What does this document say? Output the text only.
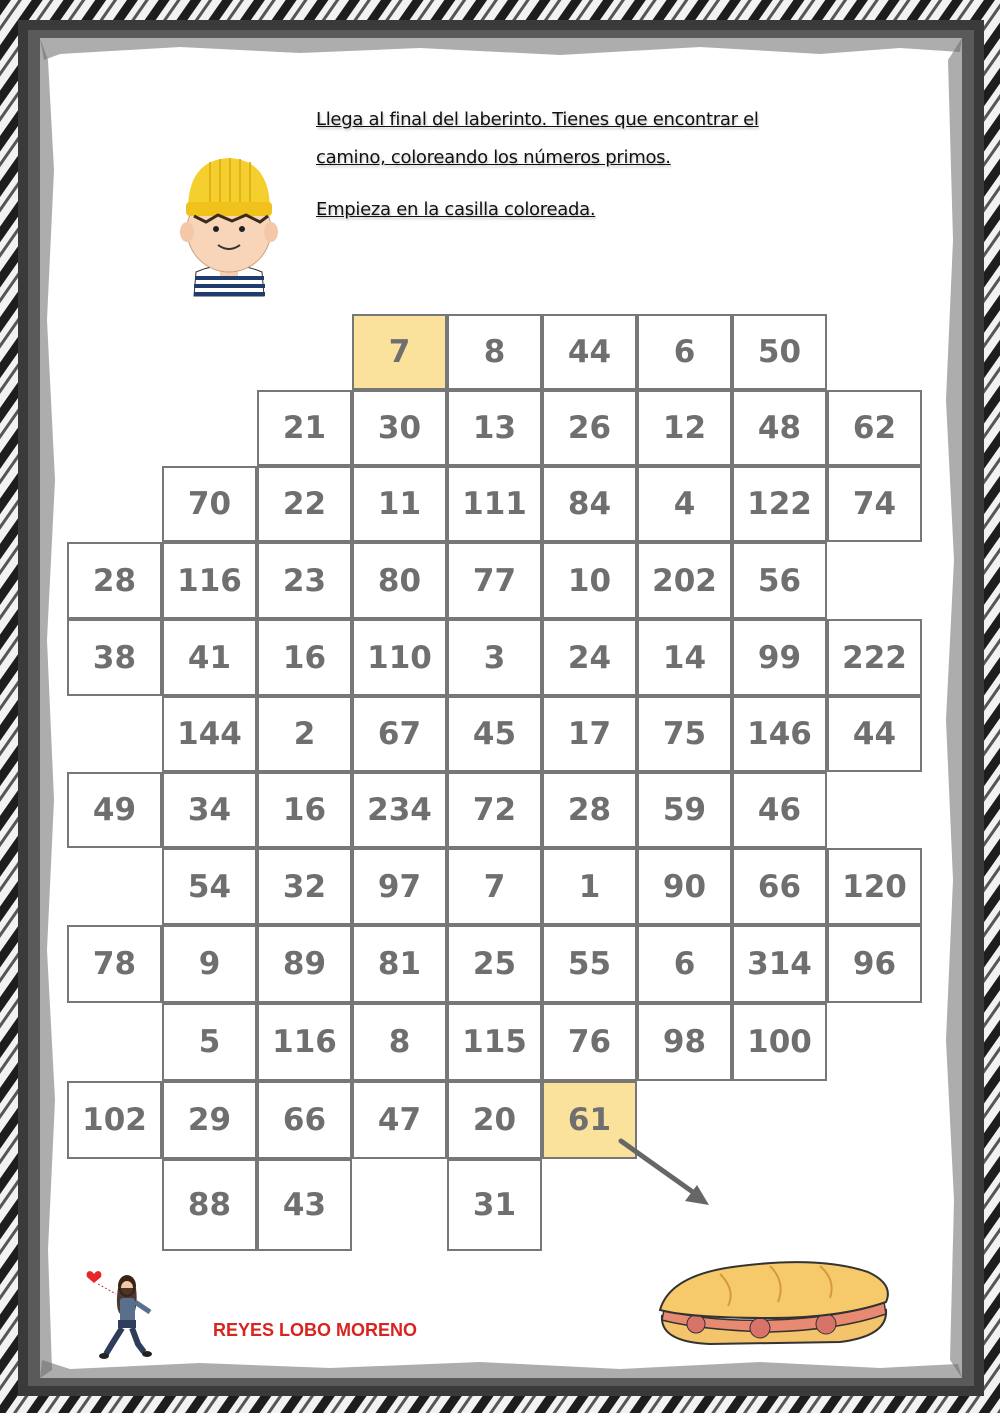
Llega al final del laberinto. Tienes que encontrar el
camino, coloreando los números primos.
Empieza en la casilla coloreada.
7	8	44	6	50
21	30	13	26	12	48	62
70	22	11	111	84	4	122	74
28	116	23	80	77	10	202	56
38	41	16	110	3	24	14	99	222
144	2	67	45	17	75	146	44
49	34	16	234	72	28	59	46
54	32	97	7	1	90	66	120
78	9	89	81	25	55	6	314	96
5	116	8	115	76	98	100
102	29	66	47	20	61
88	43	31
REYES LOBO MORENO
